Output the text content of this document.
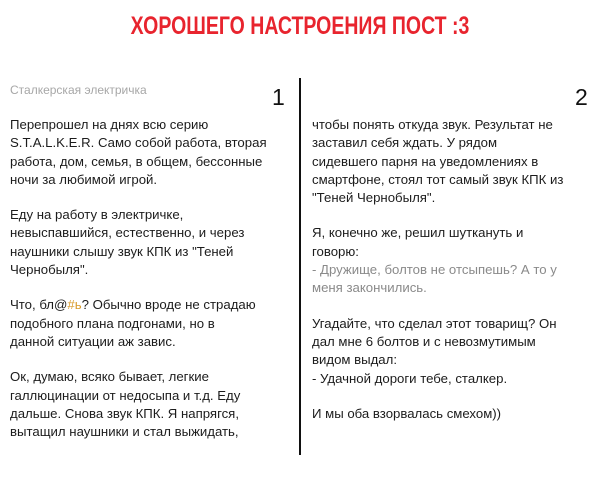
ХОРОШЕГО НАСТРОЕНИЯ ПОСТ :3
Сталкерская электричка	1	2

Перепрошел на днях всю серию
S.T.A.L.K.E.R. Само собой работа, вторая
работа, дом, семья, в общем, бессонные
ночи за любимой игрой.

Еду на работу в электричке,
невыспавшийся, естественно, и через
наушники слышу звук КПК из "Теней
Чернобыля".

Что, бл@#ь? Обычно вроде не страдаю
подобного плана подгонами, но в
данной ситуации аж завис.

Ок, думаю, всяко бывает, легкие
галлюцинации от недосыпа и т.д. Еду
дальше. Снова звук КПК. Я напрягся,
вытащил наушники и стал выжидать,

чтобы понять откуда звук. Результат не
заставил себя ждать. У рядом
сидевшего парня на уведомлениях в
смартфоне, стоял тот самый звук КПК из
"Теней Чернобыля".

Я, конечно же, решил шуткануть и
говорю:
- Дружище, болтов не отсыпешь? А то у
меня закончились.

Угадайте, что сделал этот товарищ? Он
дал мне 6 болтов и с невозмутимым
видом выдал:
- Удачной дороги тебе, сталкер.

И мы оба взорвалась смехом))
